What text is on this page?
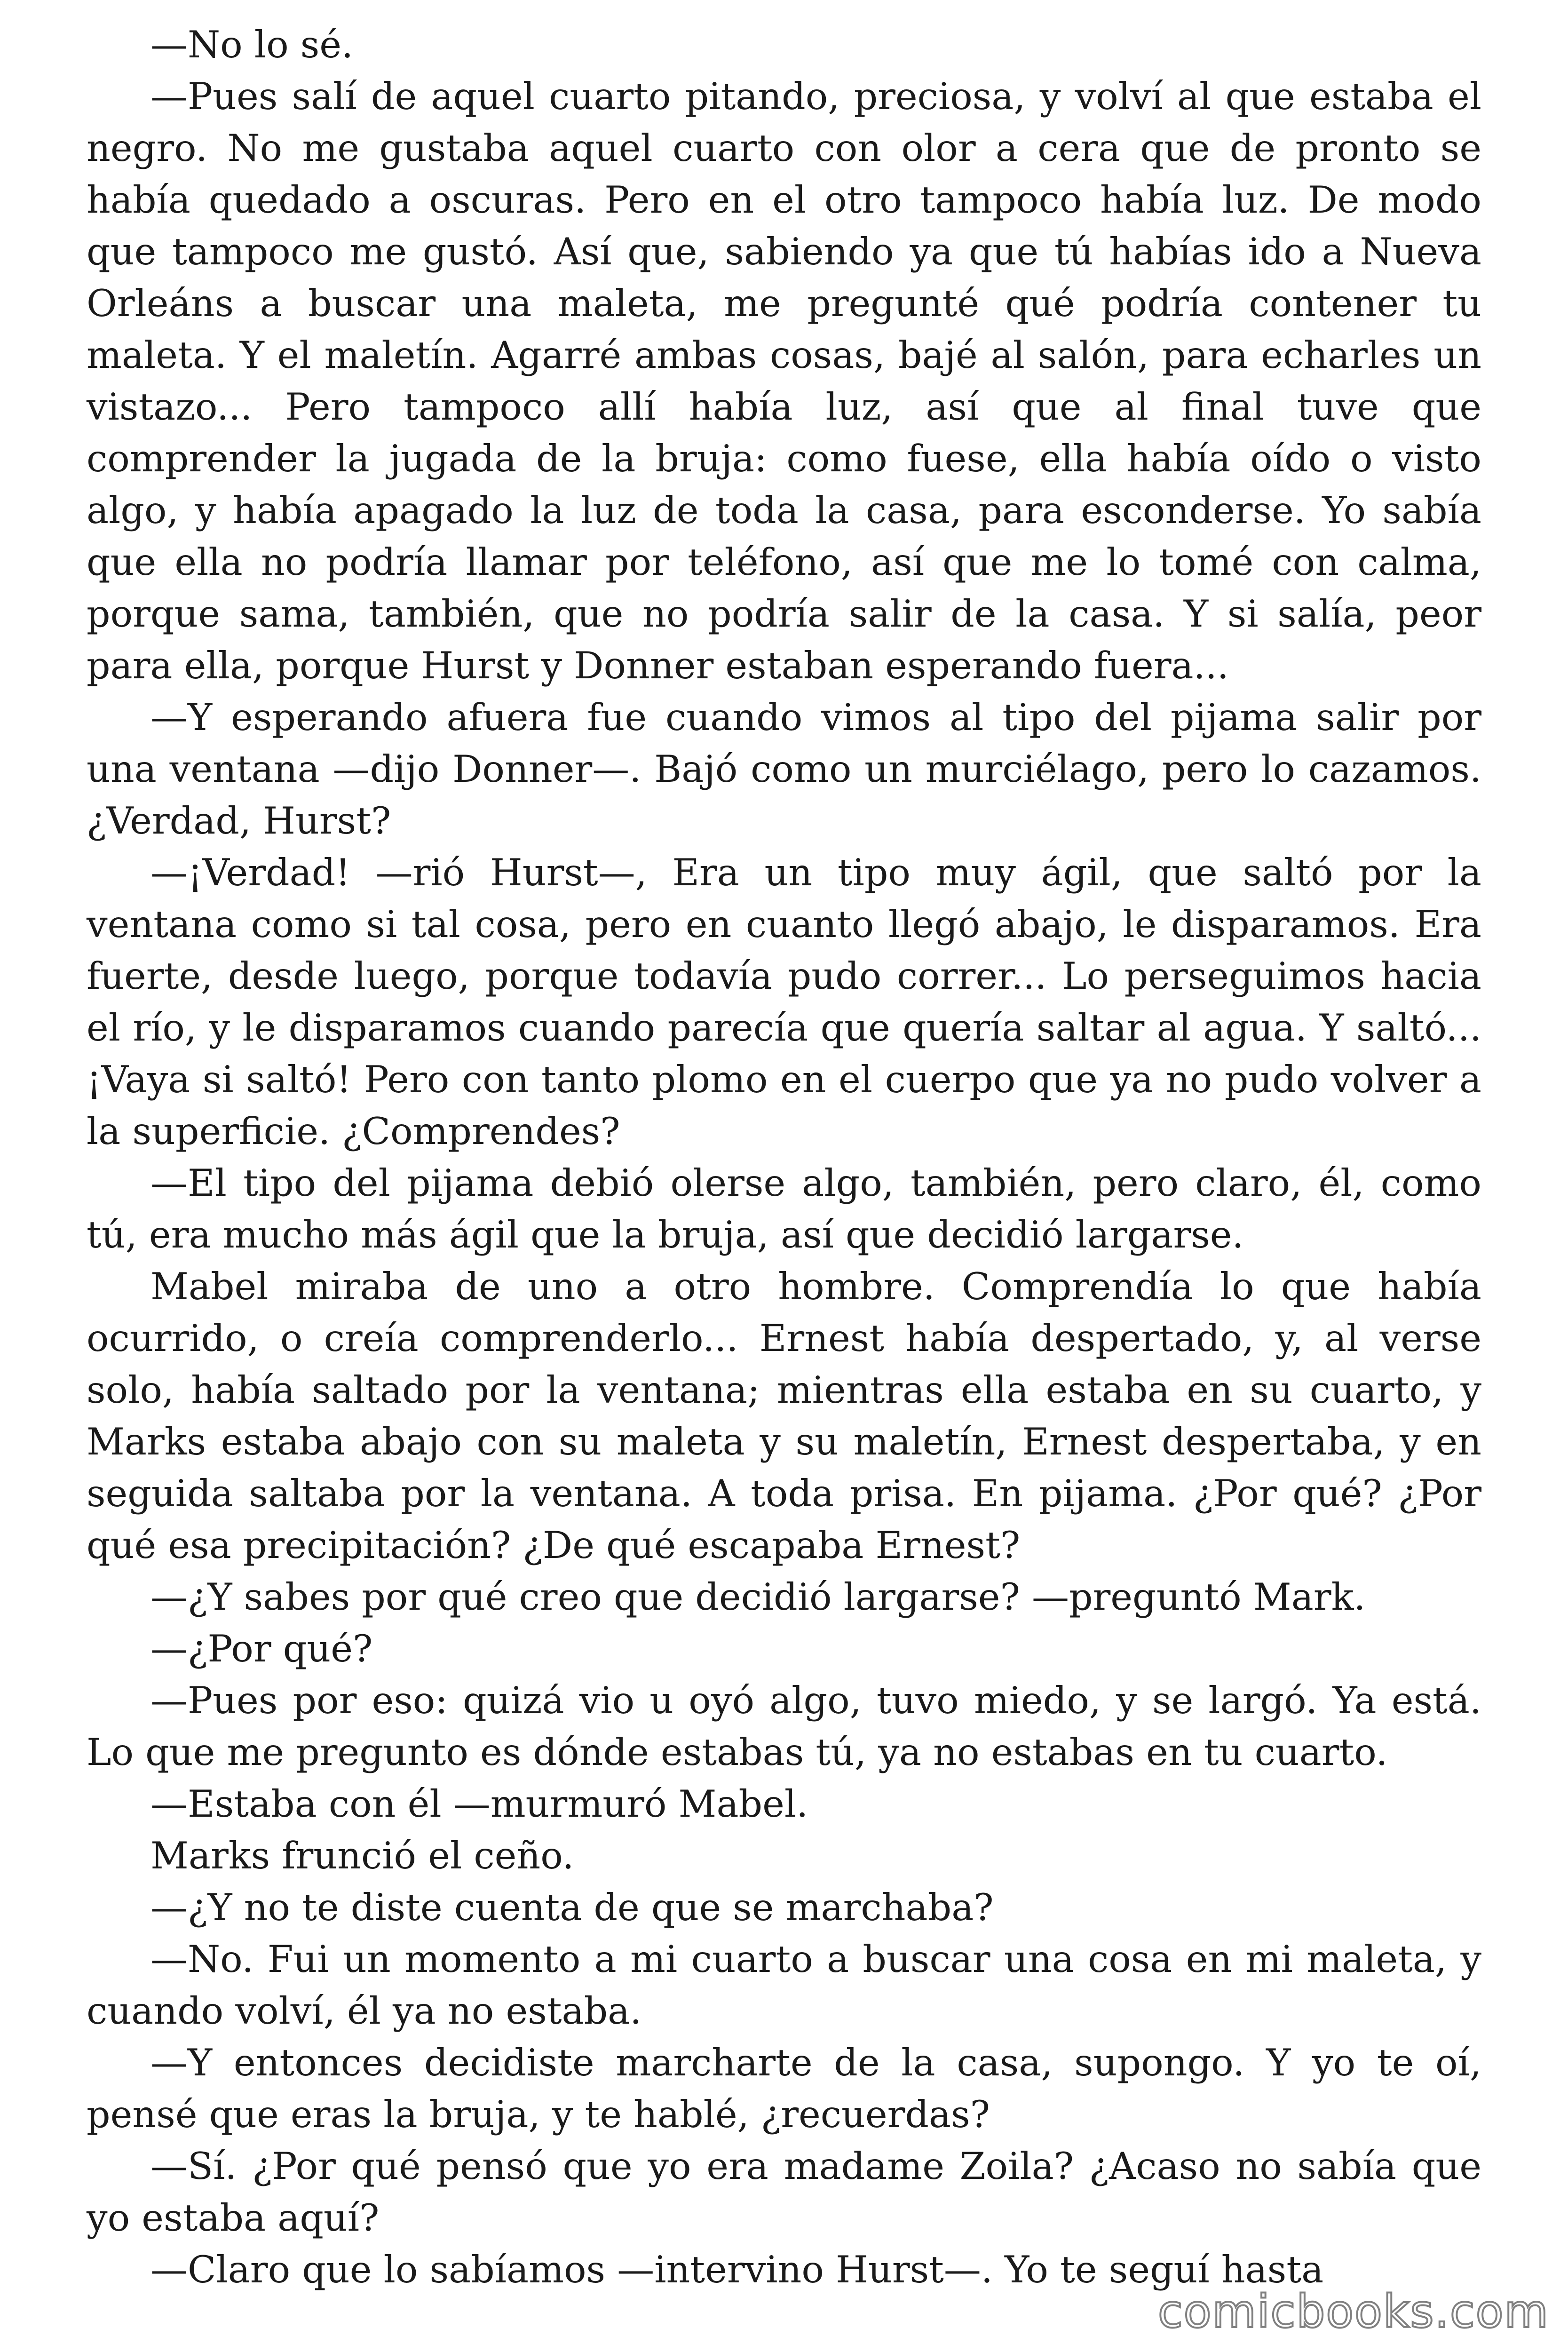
—No lo sé.

—Pues salí de aquel cuarto pitando, preciosa, y volví al que estaba el negro. No me gustaba aquel cuarto con olor a cera que de pronto se había quedado a oscuras. Pero en el otro tampoco había luz. De modo que tampoco me gustó. Así que, sabiendo ya que tú habías ido a Nueva Orleáns a buscar una maleta, me pregunté qué podría contener tu maleta. Y el maletín. Agarré ambas cosas, bajé al salón, para echarles un vistazo... Pero tampoco allí había luz, así que al final tuve que comprender la jugada de la bruja: como fuese, ella había oído o visto algo, y había apagado la luz de toda la casa, para esconderse. Yo sabía que ella no podría llamar por teléfono, así que me lo tomé con calma, porque sama, también, que no podría salir de la casa. Y si salía, peor para ella, porque Hurst y Donner estaban esperando fuera...

—Y esperando afuera fue cuando vimos al tipo del pijama salir por una ventana —dijo Donner—. Bajó como un murciélago, pero lo cazamos. ¿Verdad, Hurst?

—¡Verdad! —rió Hurst—, Era un tipo muy ágil, que saltó por la ventana como si tal cosa, pero en cuanto llegó abajo, le disparamos. Era fuerte, desde luego, porque todavía pudo correr... Lo perseguimos hacia el río, y le disparamos cuando parecía que quería saltar al agua. Y saltó... ¡Vaya si saltó! Pero con tanto plomo en el cuerpo que ya no pudo volver a la superficie. ¿Comprendes?

—El tipo del pijama debió olerse algo, también, pero claro, él, como tú, era mucho más ágil que la bruja, así que decidió largarse.

Mabel miraba de uno a otro hombre. Comprendía lo que había ocurrido, o creía comprenderlo... Ernest había despertado, y, al verse solo, había saltado por la ventana; mientras ella estaba en su cuarto, y Marks estaba abajo con su maleta y su maletín, Ernest despertaba, y en seguida saltaba por la ventana. A toda prisa. En pijama. ¿Por qué? ¿Por qué esa precipitación? ¿De qué escapaba Ernest?

—¿Y sabes por qué creo que decidió largarse? —preguntó Mark.

—¿Por qué?

—Pues por eso: quizá vio u oyó algo, tuvo miedo, y se largó. Ya está. Lo que me pregunto es dónde estabas tú, ya no estabas en tu cuarto.

—Estaba con él —murmuró Mabel.

Marks frunció el ceño.

—¿Y no te diste cuenta de que se marchaba?

—No. Fui un momento a mi cuarto a buscar una cosa en mi maleta, y cuando volví, él ya no estaba.

—Y entonces decidiste marcharte de la casa, supongo. Y yo te oí, pensé que eras la bruja, y te hablé, ¿recuerdas?

—Sí. ¿Por qué pensó que yo era madame Zoila? ¿Acaso no sabía que yo estaba aquí?

—Claro que lo sabíamos —intervino Hurst—. Yo te seguí hasta

comicbooks.com
